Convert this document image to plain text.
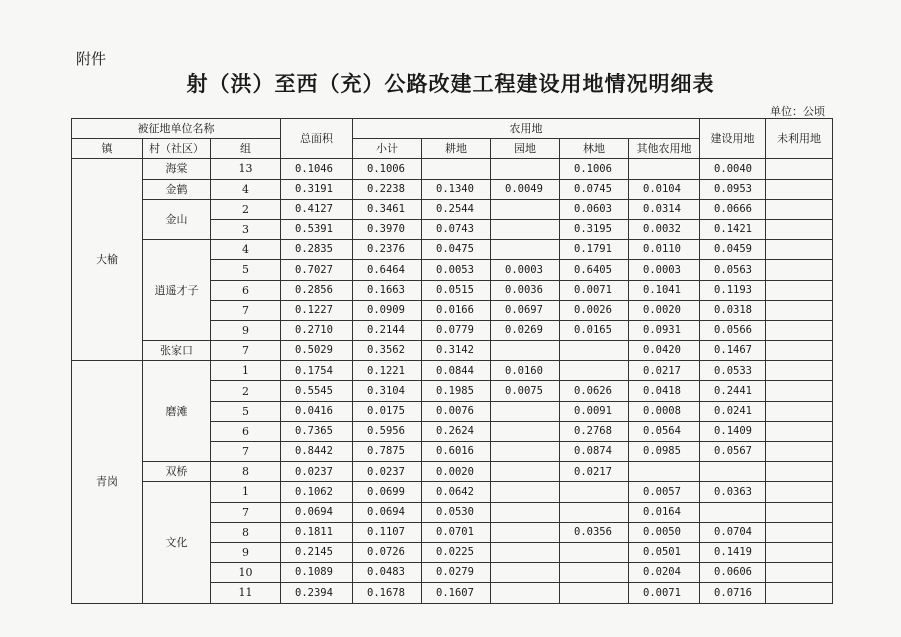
附件
射（洪）至西（充）公路改建工程建设用地情况明细表
单位：公顷
被征地单位名称			总面积	农用地					建设用地	未利用地
镇	村（社区）	组		小计	耕地	园地	林地	其他农用地		
大榆	海棠	13	0.1046	0.1006			0.1006		0.0040	
	金鹤	4	0.3191	0.2238	0.1340	0.0049	0.0745	0.0104	0.0953	
	金山	2	0.4127	0.3461	0.2544		0.0603	0.0314	0.0666	
		3	0.5391	0.3970	0.0743		0.3195	0.0032	0.1421	
	逍遥才子	4	0.2835	0.2376	0.0475		0.1791	0.0110	0.0459	
		5	0.7027	0.6464	0.0053	0.0003	0.6405	0.0003	0.0563	
		6	0.2856	0.1663	0.0515	0.0036	0.0071	0.1041	0.1193	
		7	0.1227	0.0909	0.0166	0.0697	0.0026	0.0020	0.0318	
		9	0.2710	0.2144	0.0779	0.0269	0.0165	0.0931	0.0566	
	张家口	7	0.5029	0.3562	0.3142			0.0420	0.1467	
青岗	磨滩	1	0.1754	0.1221	0.0844	0.0160		0.0217	0.0533	
		2	0.5545	0.3104	0.1985	0.0075	0.0626	0.0418	0.2441	
		5	0.0416	0.0175	0.0076		0.0091	0.0008	0.0241	
		6	0.7365	0.5956	0.2624		0.2768	0.0564	0.1409	
		7	0.8442	0.7875	0.6016		0.0874	0.0985	0.0567	
	双桥	8	0.0237	0.0237	0.0020		0.0217			
	文化	1	0.1062	0.0699	0.0642			0.0057	0.0363	
		7	0.0694	0.0694	0.0530			0.0164		
		8	0.1811	0.1107	0.0701		0.0356	0.0050	0.0704	
		9	0.2145	0.0726	0.0225			0.0501	0.1419	
		10	0.1089	0.0483	0.0279			0.0204	0.0606	
		11	0.2394	0.1678	0.1607			0.0071	0.0716	
